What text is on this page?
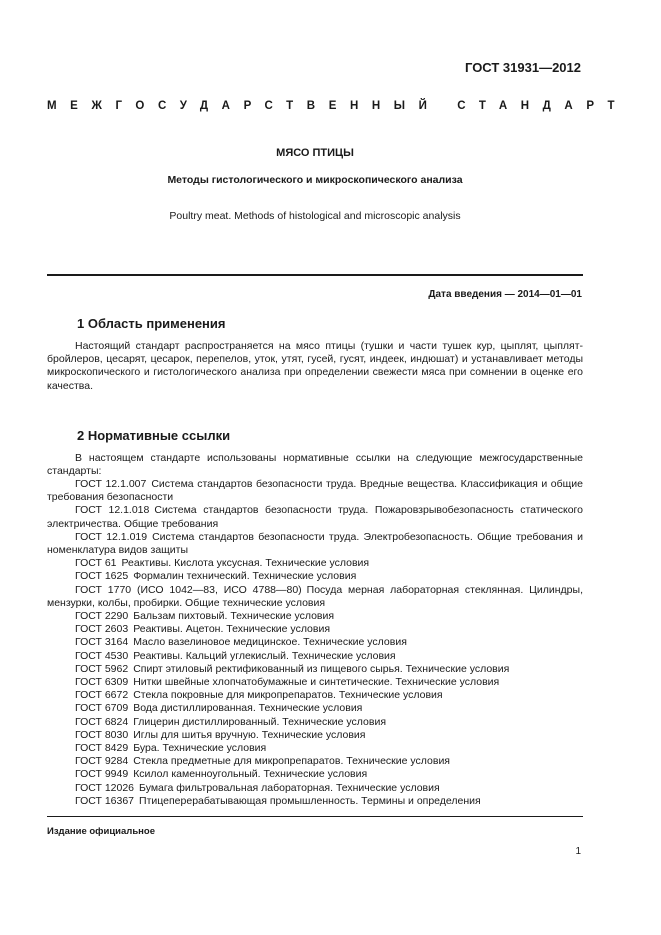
ГОСТ 31931—2012
МЕЖГОСУДАРСТВЕННЫЙ СТАНДАРТ
МЯСО ПТИЦЫ
Методы гистологического и микроскопического анализа
Poultry meat. Methods of histological and microscopic analysis
Дата введения — 2014—01—01
1 Область применения
Настоящий стандарт распространяется на мясо птицы (тушки и части тушек кур, цыплят, цыплят-бройлеров, цесарят, цесарок, перепелов, уток, утят, гусей, гусят, индеек, индюшат) и устанавливает методы микроскопического и гистологического анализа при определении свежести мяса при сомнении в оценке его качества.
2 Нормативные ссылки
В настоящем стандарте использованы нормативные ссылки на следующие межгосударственные стандарты:
ГОСТ 12.1.007 Система стандартов безопасности труда. Вредные вещества. Классификация и общие требования безопасности
ГОСТ 12.1.018 Система стандартов безопасности труда. Пожаровзрывобезопасность статического электричества. Общие требования
ГОСТ 12.1.019 Система стандартов безопасности труда. Электробезопасность. Общие требования и номенклатура видов защиты
ГОСТ 61 Реактивы. Кислота уксусная. Технические условия
ГОСТ 1625 Формалин технический. Технические условия
ГОСТ 1770 (ИСО 1042—83, ИСО 4788—80) Посуда мерная лабораторная стеклянная. Цилиндры, мензурки, колбы, пробирки. Общие технические условия
ГОСТ 2290 Бальзам пихтовый. Технические условия
ГОСТ 2603 Реактивы. Ацетон. Технические условия
ГОСТ 3164 Масло вазелиновое медицинское. Технические условия
ГОСТ 4530 Реактивы. Кальций углекислый. Технические условия
ГОСТ 5962 Спирт этиловый ректификованный из пищевого сырья. Технические условия
ГОСТ 6309 Нитки швейные хлопчатобумажные и синтетические. Технические условия
ГОСТ 6672 Стекла покровные для микропрепаратов. Технические условия
ГОСТ 6709 Вода дистиллированная. Технические условия
ГОСТ 6824 Глицерин дистиллированный. Технические условия
ГОСТ 8030 Иглы для шитья вручную. Технические условия
ГОСТ 8429 Бура. Технические условия
ГОСТ 9284 Стекла предметные для микропрепаратов. Технические условия
ГОСТ 9949 Ксилол каменноугольный. Технические условия
ГОСТ 12026 Бумага фильтровальная лабораторная. Технические условия
ГОСТ 16367 Птицеперерабатывающая промышленность. Термины и определения
Издание официальное
1
